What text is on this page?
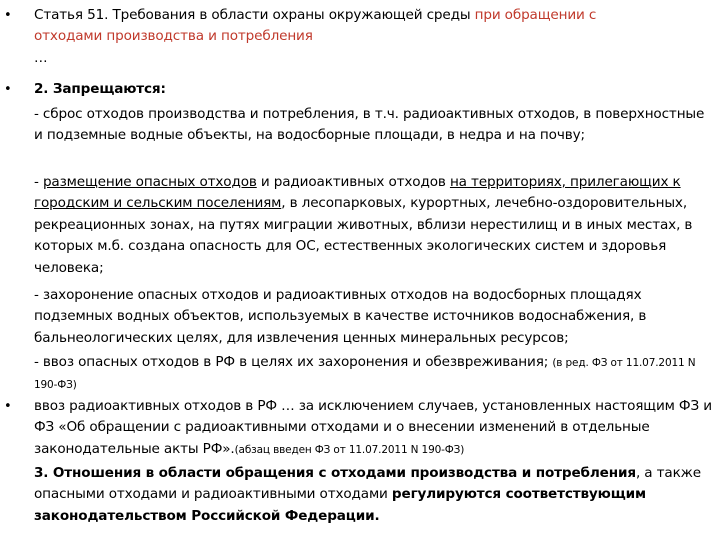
• Статья 51. Требования в области охраны окружающей среды при обращении с
отходами производства и потребления
…
• 2. Запрещаются:
- сброс отходов производства и потребления, в т.ч. радиоактивных отходов, в поверхностные и подземные водные объекты, на водосборные площади, в недра и на почву;
- размещение опасных отходов и радиоактивных отходов на территориях, прилегающих к городским и сельским поселениям, в лесопарковых, курортных, лечебно-оздоровительных, рекреационных зонах, на путях миграции животных, вблизи нерестилищ и в иных местах, в которых м.б. создана опасность для ОС, естественных экологических систем и здоровья человека;
- захоронение опасных отходов и радиоактивных отходов на водосборных площадях подземных водных объектов, используемых в качестве источников водоснабжения, в бальнеологических целях, для извлечения ценных минеральных ресурсов;
- ввоз опасных отходов в РФ в целях их захоронения и обезвреживания; (в ред. ФЗ от 11.07.2011 N 190-ФЗ)
• ввоз радиоактивных отходов в РФ … за исключением случаев, установленных настоящим ФЗ и ФЗ «Об обращении с радиоактивными отходами и о внесении изменений в отдельные законодательные акты РФ».(абзац введен ФЗ от 11.07.2011 N 190-ФЗ)
3. Отношения в области обращения с отходами производства и потребления, а также опасными отходами и радиоактивными отходами регулируются соответствующим законодательством Российской Федерации.
